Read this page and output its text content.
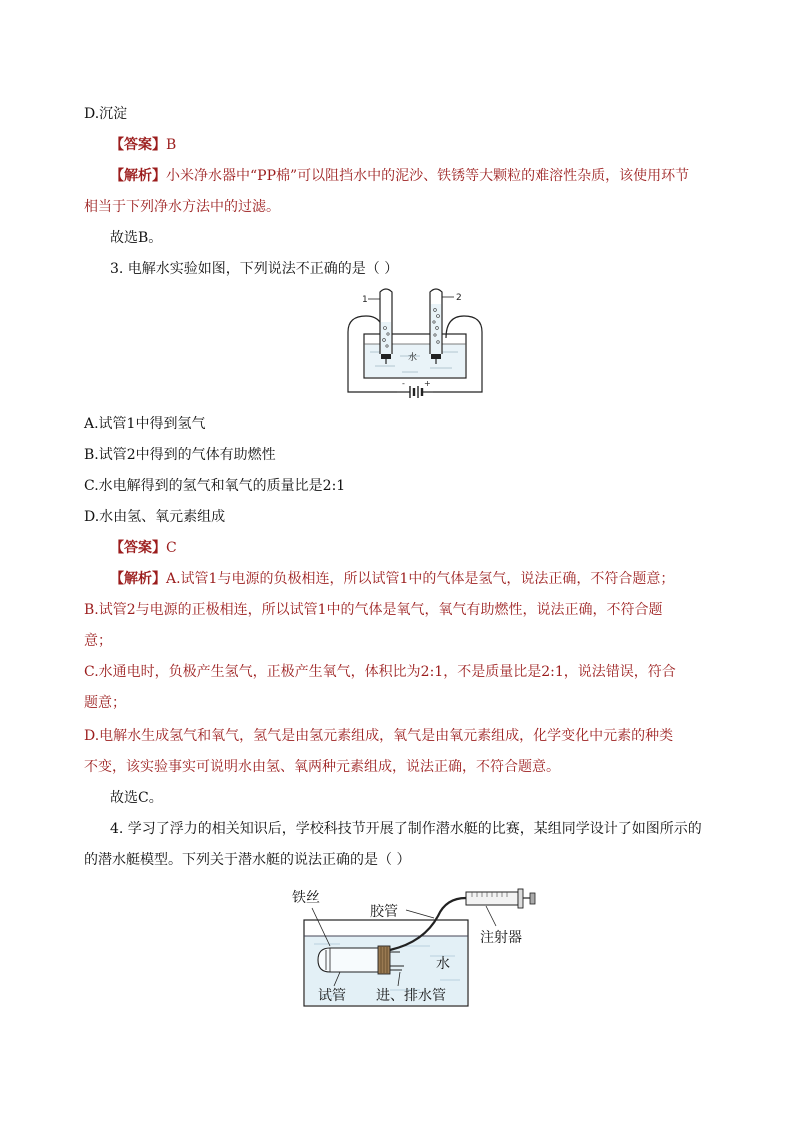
D.沉淀
【答案】B
【解析】小米净水器中“PP棉”可以阻挡水中的泥沙、铁锈等大颗粒的难溶性杂质，该使用环节
相当于下列净水方法中的过滤。
故选B。
3. 电解水实验如图，下列说法不正确的是（ ）
- +
水
1	2
A.试管1中得到氢气
B.试管2中得到的气体有助燃性
C.水电解得到的氢气和氧气的质量比是2:1
D.水由氢、氧元素组成
【答案】C
【解析】A.试管1与电源的负极相连，所以试管1中的气体是氢气，说法正确，不符合题意；
B.试管2与电源的正极相连，所以试管1中的气体是氧气，氧气有助燃性，说法正确，不符合题
意；
C.水通电时，负极产生氢气，正极产生氧气，体积比为2:1，不是质量比是2:1，说法错误，符合
题意；
D.电解水生成氢气和氧气，氢气是由氢元素组成，氧气是由氧元素组成，化学变化中元素的种类
不变，该实验事实可说明水由氢、氧两种元素组成，说法正确，不符合题意。
故选C。
4. 学习了浮力的相关知识后，学校科技节开展了制作潜水艇的比赛，某组同学设计了如图所示的
的潜水艇模型。下列关于潜水艇的说法正确的是（ ）
铁丝
胶管
注射器
水
试管 进、排水管
